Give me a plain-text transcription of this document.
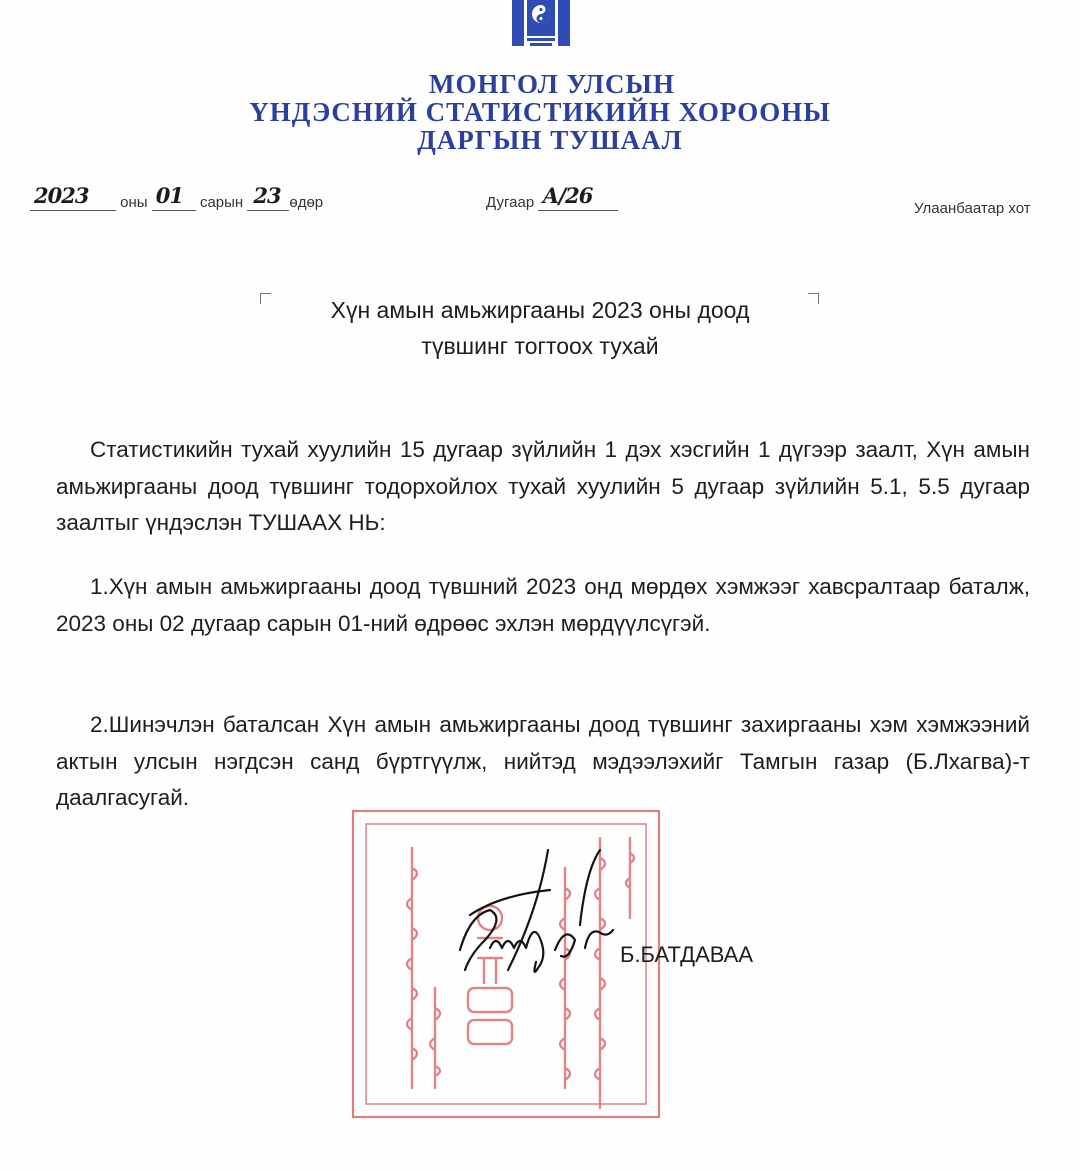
МОНГОЛ УЛСЫН
ҮНДЭСНИЙ СТАТИСТИКИЙН ХОРООНЫ
ДАРГЫН ТУШААЛ
2023 оны 01 сарын 23 өдөр	Дугаар А/26
Улаанбаатар хот
Хүн амын амьжиргааны 2023 оны доод
түвшинг тогтоох тухай
Статистикийн тухай хуулийн 15 дугаар зүйлийн 1 дэх хэсгийн 1 дүгээр заалт, Хүн амын амьжиргааны доод түвшинг тодорхойлох тухай хуулийн 5 дугаар зүйлийн 5.1, 5.5 дугаар заалтыг үндэслэн ТУШААХ НЬ:
1.Хүн амын амьжиргааны доод түвшний 2023 онд мөрдөх хэмжээг хавсралтаар баталж, 2023 оны 02 дугаар сарын 01-ний өдрөөс эхлэн мөрдүүлсүгэй.
2.Шинэчлэн баталсан Хүн амын амьжиргааны доод түвшинг захиргааны хэм хэмжээний актын улсын нэгдсэн санд бүртгүүлж, нийтэд мэдээлэхийг Тамгын газар (Б.Лхагва)-т даалгасугай.
Б.БАТДАВАА
